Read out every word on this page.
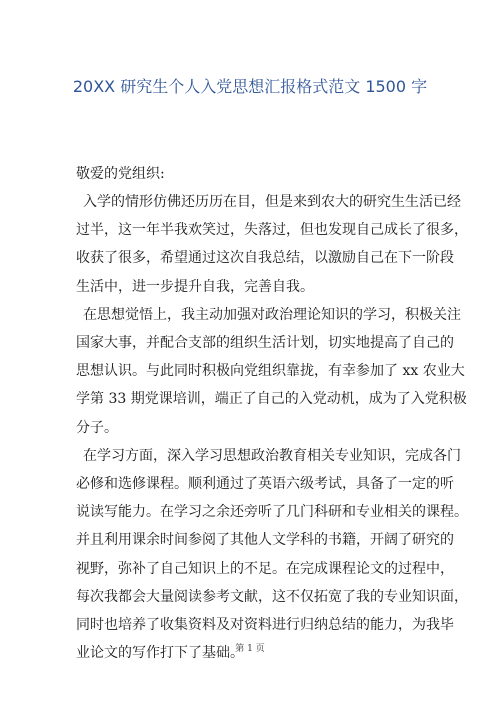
20XX 研究生个人入党思想汇报格式范文 1500 字

敬爱的党组织:

入学的情形仿佛还历历在目，但是来到农大的研究生生活已经
过半，这一年半我欢笑过，失落过，但也发现自己成长了很多，
收获了很多，希望通过这次自我总结，以激励自己在下一阶段
生活中，进一步提升自我，完善自我。

在思想觉悟上，我主动加强对政治理论知识的学习，积极关注
国家大事，并配合支部的组织生活计划，切实地提高了自己的
思想认识。与此同时积极向党组织靠拢，有幸参加了 xx 农业大
学第 33 期党课培训，端正了自己的入党动机，成为了入党积极
分子。

在学习方面，深入学习思想政治教育相关专业知识，完成各门
必修和选修课程。顺利通过了英语六级考试，具备了一定的听
说读写能力。在学习之余还旁听了几门科研和专业相关的课程。
并且利用课余时间参阅了其他人文学科的书籍，开阔了研究的
视野，弥补了自己知识上的不足。在完成课程论文的过程中，
每次我都会大量阅读参考文献，这不仅拓宽了我的专业知识面，
同时也培养了收集资料及对资料进行归纳总结的能力，为我毕
业论文的写作打下了基础。

第 1 页
